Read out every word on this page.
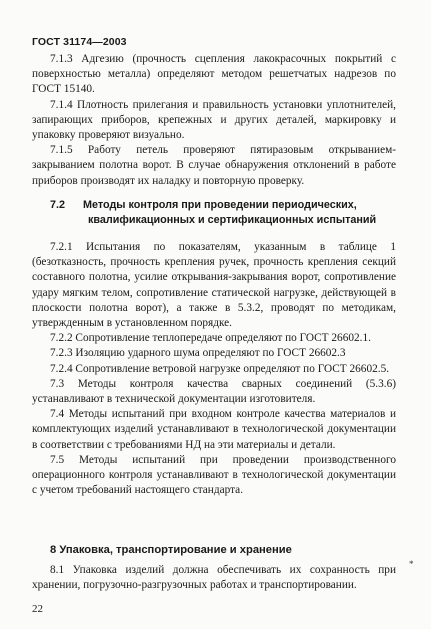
ГОСТ 31174—2003

7.1.3 Адгезию (прочность сцепления лакокрасочных покрытий с поверхностью металла) определяют методом решетчатых надрезов по ГОСТ 15140.

7.1.4 Плотность прилегания и правильность установки уплотнителей, запирающих приборов, крепежных и других деталей, маркировку и упаковку проверяют визуально.

7.1.5 Работу петель проверяют пятиразовым открыванием-закрыванием полотна ворот. В случае обнаружения отклонений в работе приборов производят их наладку и повторную проверку.

7.2 Методы контроля при проведении периодических,
квалификационных и сертификационных испытаний

7.2.1 Испытания по показателям, указанным в таблице 1 (безотказность, прочность крепления ручек, прочность крепления секций составного полотна, усилие открывания-закрывания ворот, сопротивление удару мягким телом, сопротивление статической нагрузке, действующей в плоскости полотна ворот), а также в 5.3.2, проводят по методикам, утвержденным в установленном порядке.

7.2.2 Сопротивление теплопередаче определяют по ГОСТ 26602.1.

7.2.3 Изоляцию ударного шума определяют по ГОСТ 26602.3

7.2.4 Сопротивление ветровой нагрузке определяют по ГОСТ 26602.5.

7.3 Методы контроля качества сварных соединений (5.3.6) устанавливают в технической документации изготовителя.

7.4 Методы испытаний при входном контроле качества материалов и комплектующих изделий устанавливают в технологической документации в соответствии с требованиями НД на эти материалы и детали.

7.5 Методы испытаний при проведении производственного операционного контроля устанавливают в технологической документации с учетом требований настоящего стандарта.

8 Упаковка, транспортирование и хранение

8.1 Упаковка изделий должна обеспечивать их сохранность при хранении, погрузочно-разгрузочных работах и транспортировании.

*
22
